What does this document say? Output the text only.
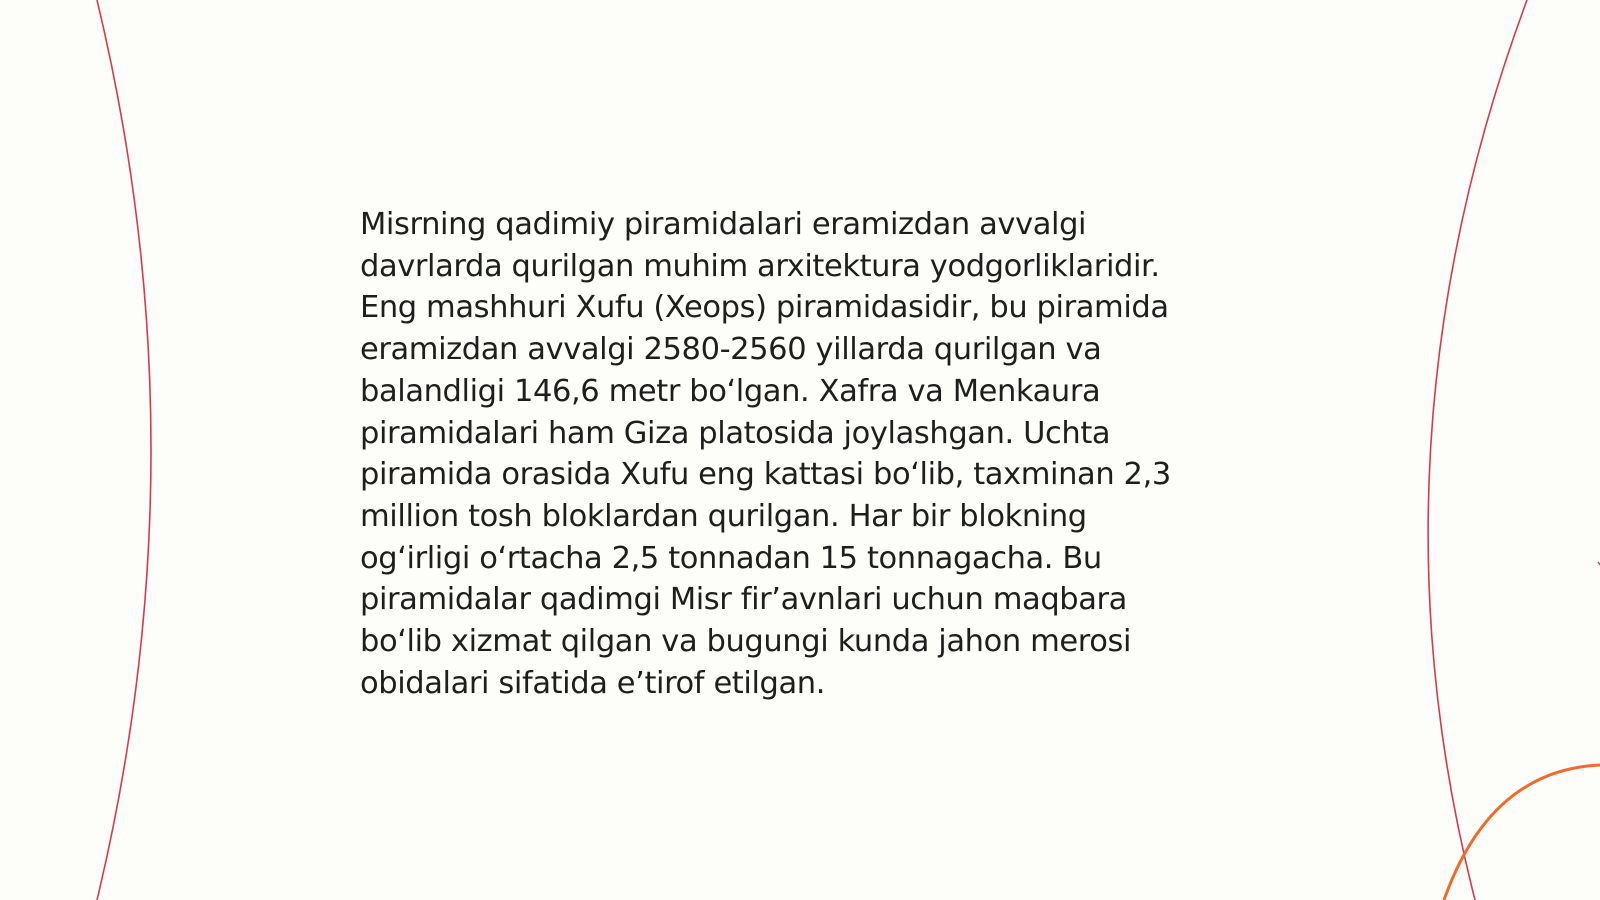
Misrning qadimiy piramidalari eramizdan avvalgi
davrlarda qurilgan muhim arxitektura yodgorliklaridir.
Eng mashhuri Xufu (Xeops) piramidasidir, bu piramida
eramizdan avvalgi 2580-2560 yillarda qurilgan va
balandligi 146,6 metr bo‘lgan. Xafra va Menkaura
piramidalari ham Giza platosida joylashgan. Uchta
piramida orasida Xufu eng kattasi bo‘lib, taxminan 2,3
million tosh bloklardan qurilgan. Har bir blokning
og‘irligi o‘rtacha 2,5 tonnadan 15 tonnagacha. Bu
piramidalar qadimgi Misr fir’avnlari uchun maqbara
bo‘lib xizmat qilgan va bugungi kunda jahon merosi
obidalari sifatida e’tirof etilgan.
